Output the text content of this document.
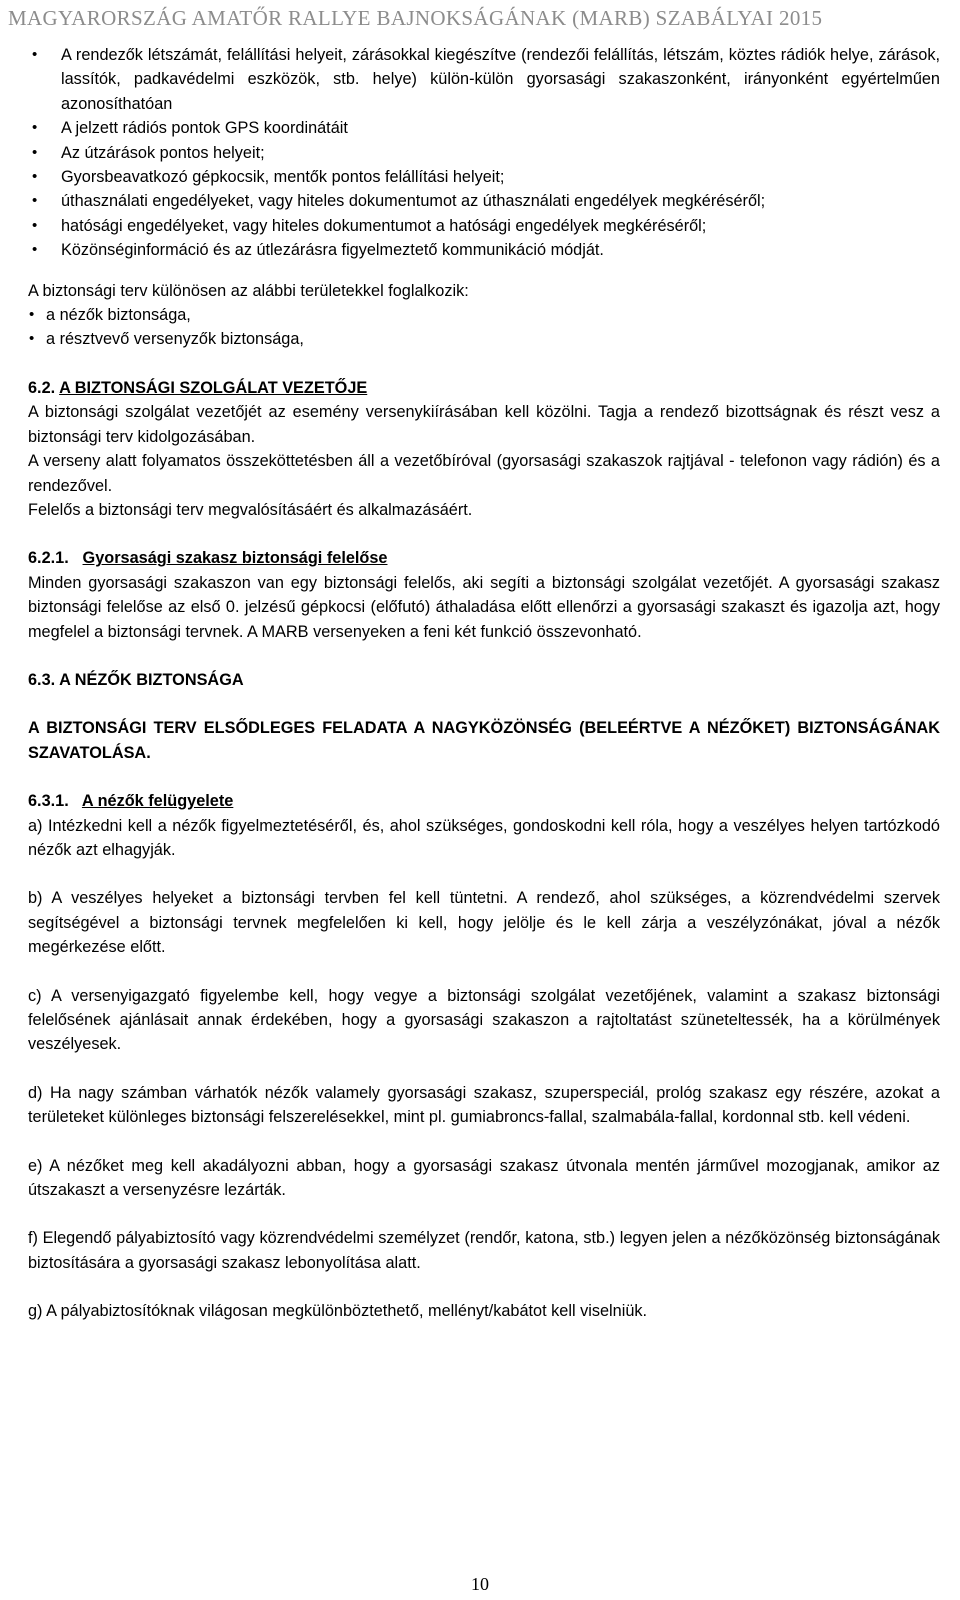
MAGYARORSZÁG AMATŐR RALLYE BAJNOKSÁGÁNAK (MARB) SZABÁLYAI 2015
• A rendezők létszámát, felállítási helyeit, zárásokkal kiegészítve (rendezői felállítás, létszám, köztes rádiók helye, zárások, lassítók, padkavédelmi eszközök, stb. helye) külön-külön gyorsasági szakaszonként, irányonként egyértelműen azonosíthatóan
• A jelzett rádiós pontok GPS koordinátáit
• Az útzárások pontos helyeit;
• Gyorsbeavatkozó gépkocsik, mentők pontos felállítási helyeit;
• úthasználati engedélyeket, vagy hiteles dokumentumot az úthasználati engedélyek megkéréséről;
• hatósági engedélyeket, vagy hiteles dokumentumot a hatósági engedélyek megkéréséről;
• Közönséginformáció és az útlezárásra figyelmeztető kommunikáció módját.
A biztonsági terv különösen az alábbi területekkel foglalkozik:
• a nézők biztonsága,
• a résztvevő versenyzők biztonsága,
6.2. A BIZTONSÁGI SZOLGÁLAT VEZETŐJE
A biztonsági szolgálat vezetőjét az esemény versenykiírásában kell közölni. Tagja a rendező bizottságnak és részt vesz a biztonsági terv kidolgozásában.
A verseny alatt folyamatos összeköttetésben áll a vezetőbíróval (gyorsasági szakaszok rajtjával - telefonon vagy rádión) és a rendezővel.
Felelős a biztonsági terv megvalósításáért és alkalmazásáért.
6.2.1. Gyorsasági szakasz biztonsági felelőse
Minden gyorsasági szakaszon van egy biztonsági felelős, aki segíti a biztonsági szolgálat vezetőjét. A gyorsasági szakasz biztonsági felelőse az első 0. jelzésű gépkocsi (előfutó) áthaladása előtt ellenőrzi a gyorsasági szakaszt és igazolja azt, hogy megfelel a biztonsági tervnek. A MARB versenyeken a feni két funkció összevonható.
6.3. A NÉZŐK BIZTONSÁGA
A BIZTONSÁGI TERV ELSŐDLEGES FELADATA A NAGYKÖZÖNSÉG (BELEÉRTVE A NÉZŐKET) BIZTONSÁGÁNAK SZAVATOLÁSA.
6.3.1. A nézők felügyelete
a) Intézkedni kell a nézők figyelmeztetéséről, és, ahol szükséges, gondoskodni kell róla, hogy a veszélyes helyen tartózkodó nézők azt elhagyják.
b) A veszélyes helyeket a biztonsági tervben fel kell tüntetni. A rendező, ahol szükséges, a közrendvédelmi szervek segítségével a biztonsági tervnek megfelelően ki kell, hogy jelölje és le kell zárja a veszélyzónákat, jóval a nézők megérkezése előtt.
c) A versenyigazgató figyelembe kell, hogy vegye a biztonsági szolgálat vezetőjének, valamint a szakasz biztonsági felelősének ajánlásait annak érdekében, hogy a gyorsasági szakaszon a rajtoltatást szüneteltessék, ha a körülmények veszélyesek.
d) Ha nagy számban várhatók nézők valamely gyorsasági szakasz, szuperspeciál, prológ szakasz egy részére, azokat a területeket különleges biztonsági felszerelésekkel, mint pl. gumiabroncs-fallal, szalmabála-fallal, kordonnal stb. kell védeni.
e) A nézőket meg kell akadályozni abban, hogy a gyorsasági szakasz útvonala mentén járművel mozogjanak, amikor az útszakaszt a versenyzésre lezárták.
f) Elegendő pályabiztosító vagy közrendvédelmi személyzet (rendőr, katona, stb.) legyen jelen a nézőközönség biztonságának biztosítására a gyorsasági szakasz lebonyolítása alatt.
g) A pályabiztosítóknak világosan megkülönböztethető, mellényt/kabátot kell viselniük.
10
